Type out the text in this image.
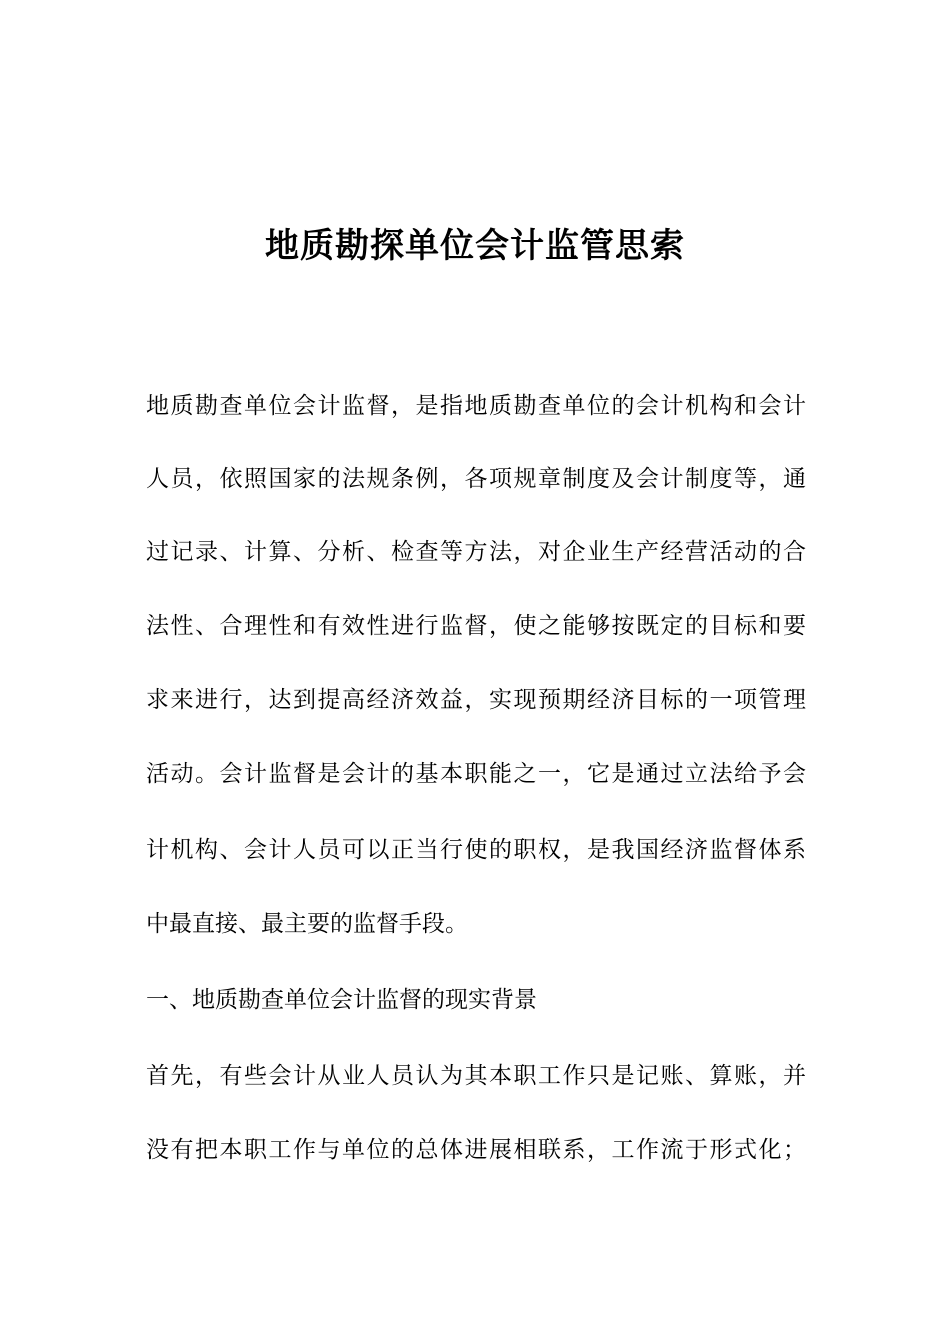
地质勘探单位会计监管思索
地质勘查单位会计监督，是指地质勘查单位的会计机构和会计
人员，依照国家的法规条例，各项规章制度及会计制度等，通
过记录、计算、分析、检查等方法，对企业生产经营活动的合
法性、合理性和有效性进行监督，使之能够按既定的目标和要
求来进行，达到提高经济效益，实现预期经济目标的一项管理
活动。会计监督是会计的基本职能之一，它是通过立法给予会
计机构、会计人员可以正当行使的职权，是我国经济监督体系
中最直接、最主要的监督手段。
一、地质勘查单位会计监督的现实背景
首先，有些会计从业人员认为其本职工作只是记账、算账，并
没有把本职工作与单位的总体进展相联系，工作流于形式化；
